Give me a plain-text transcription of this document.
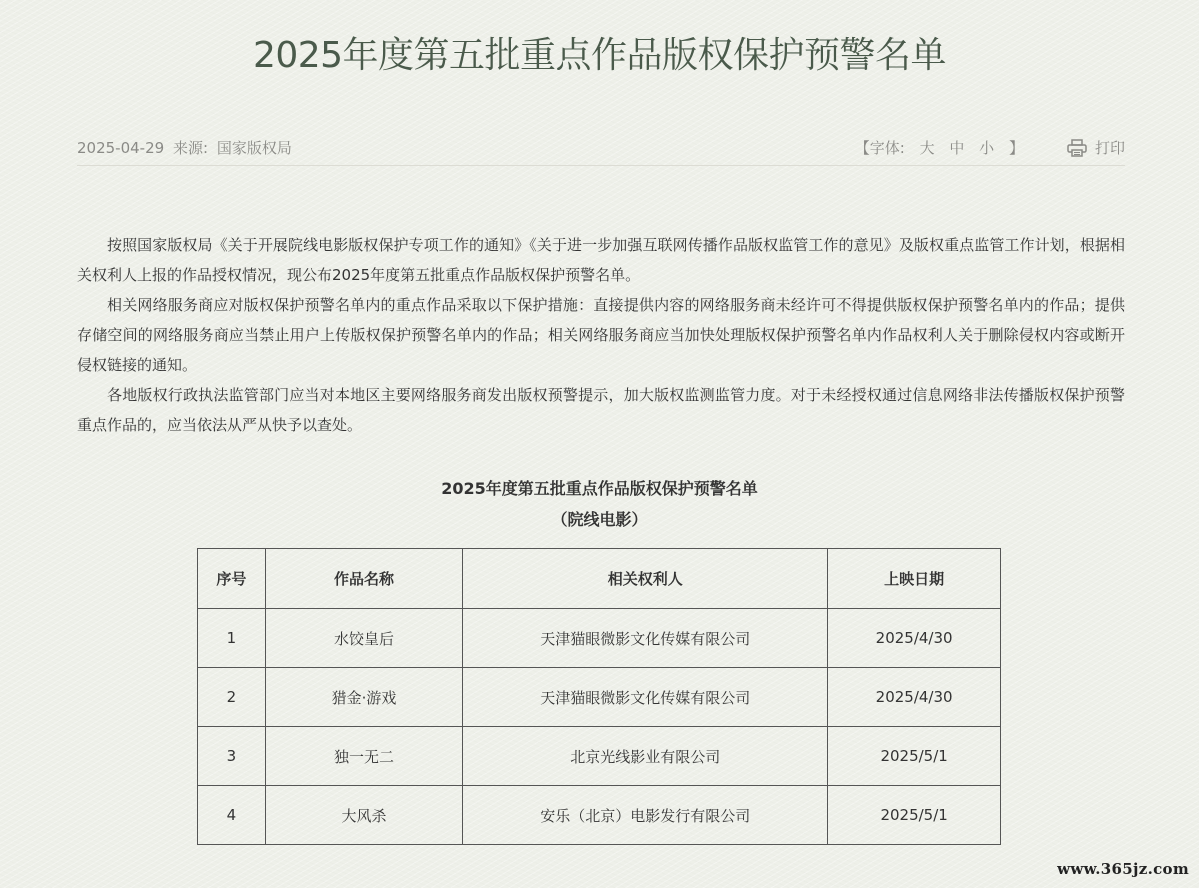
2025年度第五批重点作品版权保护预警名单
2025-04-29 来源: 国家版权局	【字体: 大 中 小 】	打印

按照国家版权局《关于开展院线电影版权保护专项工作的通知》《关于进一步加强互联网传播作品版权监管工作的意见》及版权重点监管工作计划，根据相关权利人上报的作品授权情况，现公布2025年度第五批重点作品版权保护预警名单。

相关网络服务商应对版权保护预警名单内的重点作品采取以下保护措施：直接提供内容的网络服务商未经许可不得提供版权保护预警名单内的作品；提供存储空间的网络服务商应当禁止用户上传版权保护预警名单内的作品；相关网络服务商应当加快处理版权保护预警名单内作品权利人关于删除侵权内容或断开侵权链接的通知。

各地版权行政执法监管部门应当对本地区主要网络服务商发出版权预警提示，加大版权监测监管力度。对于未经授权通过信息网络非法传播版权保护预警重点作品的，应当依法从严从快予以查处。

2025年度第五批重点作品版权保护预警名单
（院线电影）
序号	作品名称	相关权利人	上映日期
1	水饺皇后	天津猫眼微影文化传媒有限公司	2025/4/30
2	猎金·游戏	天津猫眼微影文化传媒有限公司	2025/4/30
3	独一无二	北京光线影业有限公司	2025/5/1
4	大风杀	安乐（北京）电影发行有限公司	2025/5/1
www.365jz.com
